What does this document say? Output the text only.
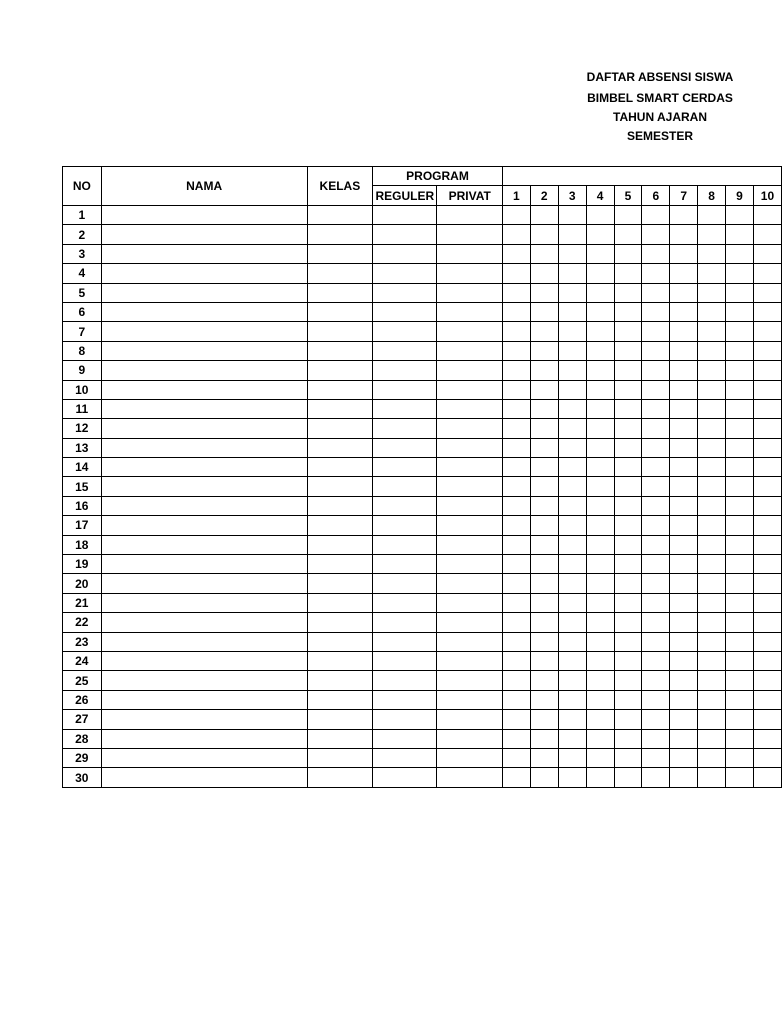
DAFTAR ABSENSI SISWA
BIMBEL SMART CERDAS
TAHUN AJARAN
SEMESTER
NO	NAMA	KELAS	PROGRAM											
			REGULER	PRIVAT	1	2	3	4	5	6	7	8	9	10
1														
2														
3														
4														
5														
6														
7														
8														
9														
10														
11														
12														
13														
14														
15														
16														
17														
18														
19														
20														
21														
22														
23														
24														
25														
26														
27														
28														
29														
30														
